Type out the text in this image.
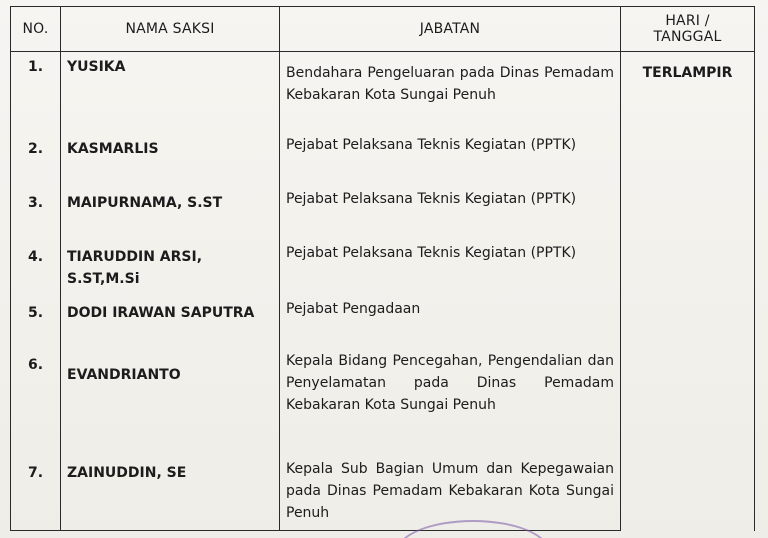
NO.	NAMA SAKSI	JABATAN	HARI /
TANGGAL
1.	YUSIKA	Bendahara Pengeluaran pada Dinas Pemadam Kebakaran Kota Sungai Penuh	TERLAMPIR
2.	KASMARLIS	Pejabat Pelaksana Teknis Kegiatan (PPTK)	
3.	MAIPURNAMA, S.ST	Pejabat Pelaksana Teknis Kegiatan (PPTK)	
4.	TIARUDDIN ARSI, S.ST,M.Si	Pejabat Pelaksana Teknis Kegiatan (PPTK)	
5.	DODI IRAWAN SAPUTRA	Pejabat Pengadaan	
6.	EVANDRIANTO	Kepala Bidang Pencegahan, Pengendalian dan Penyelamatan pada Dinas Pemadam Kebakaran Kota Sungai Penuh	
7.	ZAINUDDIN, SE	Kepala Sub Bagian Umum dan Kepegawaian pada Dinas Pemadam Kebakaran Kota Sungai Penuh	
